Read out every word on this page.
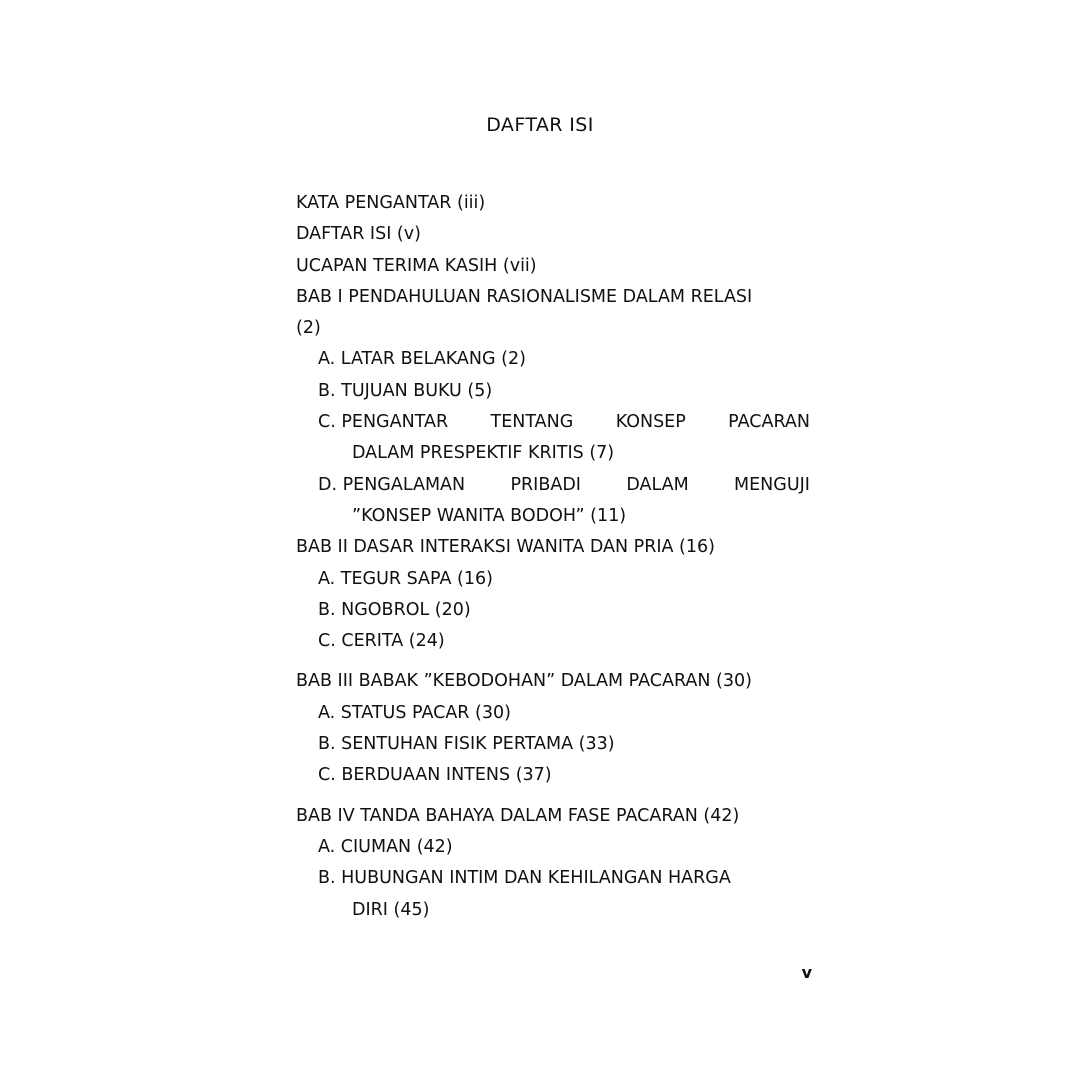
DAFTAR ISI
KATA PENGANTAR (iii)
DAFTAR ISI (v)
UCAPAN TERIMA KASIH (vii)
BAB I PENDAHULUAN RASIONALISME DALAM RELASI
(2)
A. LATAR BELAKANG (2)
B. TUJUAN BUKU (5)
C. PENGANTAR TENTANG KONSEP PACARAN
DALAM PRESPEKTIF KRITIS (7)
D. PENGALAMAN	PRIBADI	DALAM	MENGUJI
”KONSEP WANITA BODOH” (11)
BAB II DASAR INTERAKSI WANITA DAN PRIA (16)
A. TEGUR SAPA (16)
B. NGOBROL (20)
C. CERITA (24)
BAB III BABAK ”KEBODOHAN” DALAM PACARAN (30)
A. STATUS PACAR (30)
B. SENTUHAN FISIK PERTAMA (33)
C. BERDUAAN INTENS (37)
BAB IV TANDA BAHAYA DALAM FASE PACARAN (42)
A. CIUMAN (42)
B. HUBUNGAN INTIM DAN KEHILANGAN HARGA
DIRI (45)
v
